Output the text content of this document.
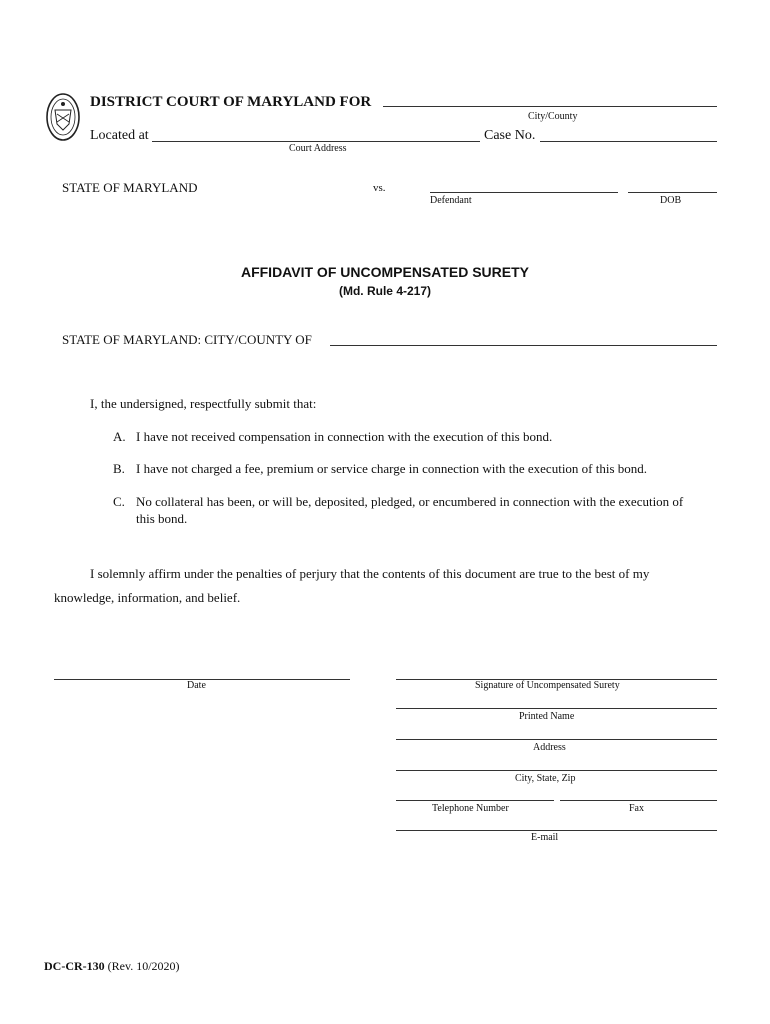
DISTRICT COURT OF MARYLAND FOR
City/County
Located at
Court Address
Case No.
STATE OF MARYLAND	vs.
Defendant	DOB
AFFIDAVIT OF UNCOMPENSATED SURETY
(Md. Rule 4-217)
STATE OF MARYLAND: CITY/COUNTY OF
I, the undersigned, respectfully submit that:
A. I have not received compensation in connection with the execution of this bond.
B. I have not charged a fee, premium or service charge in connection with the execution of this bond.
C. No collateral has been, or will be, deposited, pledged, or encumbered in connection with the execution of
this bond.
I solemnly affirm under the penalties of perjury that the contents of this document are true to the best of my
knowledge, information, and belief.
Date	Signature of Uncompensated Surety
Printed Name
Address
City, State, Zip
Telephone Number	Fax
E-mail
DC-CR-130 (Rev. 10/2020)
